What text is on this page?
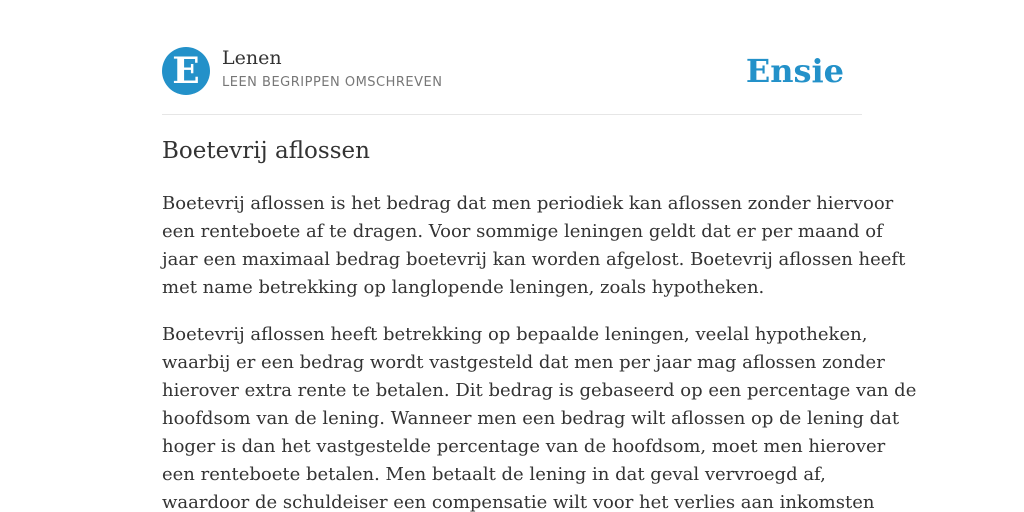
E	Lenen
LEEN BEGRIPPEN OMSCHREVEN	Ensie
Boetevrij aflossen

Boetevrij aflossen is het bedrag dat men periodiek kan aflossen zonder hiervoor
een renteboete af te dragen. Voor sommige leningen geldt dat er per maand of
jaar een maximaal bedrag boetevrij kan worden afgelost. Boetevrij aflossen heeft
met name betrekking op langlopende leningen, zoals hypotheken.

Boetevrij aflossen heeft betrekking op bepaalde leningen, veelal hypotheken,
waarbij er een bedrag wordt vastgesteld dat men per jaar mag aflossen zonder
hierover extra rente te betalen. Dit bedrag is gebaseerd op een percentage van de
hoofdsom van de lening. Wanneer men een bedrag wilt aflossen op de lening dat
hoger is dan het vastgestelde percentage van de hoofdsom, moet men hierover
een renteboete betalen. Men betaalt de lening in dat geval vervroegd af,
waardoor de schuldeiser een compensatie wilt voor het verlies aan inkomsten
